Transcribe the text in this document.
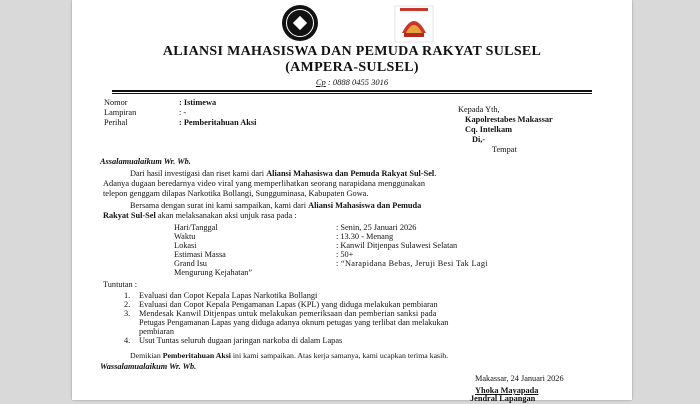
ALIANSI MAHASISWA DAN PEMUDA RAKYAT SULSEL
(AMPERA-SULSEL)
Cp : 0888 0455 3016
Nomor	: Istimewa
Lampiran	: -
Perihal	: Pemberitahuan Aksi
Kepada Yth,
Kapolrestabes Makassar
Cq. Intelkam
Di,-
Tempat
Assalamualaikum Wr. Wb.
Dari hasil investigasi dan riset kami dari Aliansi Mahasiswa dan Pemuda Rakyat Sul-Sel.
Adanya dugaan beredarnya video viral yang memperlihatkan seorang narapidana menggunakan
telepon genggam dilapas Narkotika Bollangi, Sungguminasa, Kabupaten Gowa.
Bersama dengan surat ini kami sampaikan, kami dari Aliansi Mahasiswa dan Pemuda
Rakyat Sul-Sel akan melaksanakan aksi unjuk rasa pada :
Hari/Tanggal	: Senin, 25 Januari 2026
Waktu	: 13.30 - Menang
Lokasi	: Kanwil Ditjenpas Sulawesi Selatan
Estimasi Massa	: 50+
Grand Isu	: “Narapidana Bebas, Jeruji Besi Tak Lagi
Mengurung Kejahatan”
Tuntutan :
1. Evaluasi dan Copot Kepala Lapas Narkotika Bollangi
2. Evaluasi dan Copot Kepala Pengamanan Lapas (KPL) yang diduga melakukan pembiaran
3. Mendesak Kanwil Ditjenpas untuk melakukan pemeriksaan dan pemberian sanksi pada
Petugas Pengamanan Lapas yang diduga adanya oknum petugas yang terlibat dan melakukan
pembiaran
4. Usut Tuntas seluruh dugaan jaringan narkoba di dalam Lapas
Demikian Pemberitahuan Aksi ini kami sampaikan. Atas kerja samanya, kami ucapkan terima kasih.
Wassalamualaikum Wr. Wb.
Makassar, 24 Januari 2026
Yhoka Mayapada
Jendral Lapangan
